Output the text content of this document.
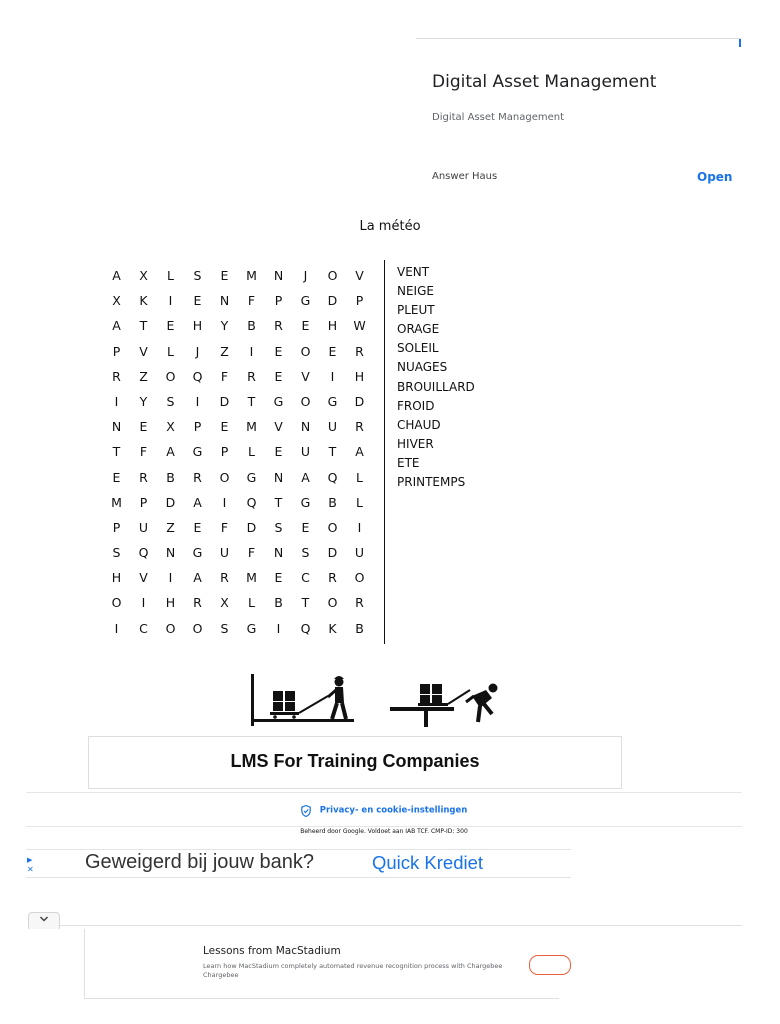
Digital Asset Management
Digital Asset Management
Answer Haus	Open
La météo
A	X	L	S	E	M	N	J	O	V
X	K	I	E	N	F	P	G	D	P
A	T	E	H	Y	B	R	E	H	W
P	V	L	J	Z	I	E	O	E	R
R	Z	O	Q	F	R	E	V	I	H
I	Y	S	I	D	T	G	O	G	D
N	E	X	P	E	M	V	N	U	R
T	F	A	G	P	L	E	U	T	A
E	R	B	R	O	G	N	A	Q	L
M	P	D	A	I	Q	T	G	B	L
P	U	Z	E	F	D	S	E	O	I
S	Q	N	G	U	F	N	S	D	U
H	V	I	A	R	M	E	C	R	O
O	I	H	R	X	L	B	T	O	R
I	C	O	O	S	G	I	Q	K	B
VENT
NEIGE
PLEUT
ORAGE
SOLEIL
NUAGES
BROUILLARD
FROID
CHAUD
HIVER
ETE
PRINTEMPS
LMS For Training Companies
Privacy- en cookie-instellingen
Beheerd door Google. Voldoet aan IAB TCF. CMP-ID: 300
▶
✕	Geweigerd bij jouw bank?	Quick Krediet
Lessons from MacStadium
Learn how MacStadium completely automated revenue recognition process with Chargebee Chargebee
